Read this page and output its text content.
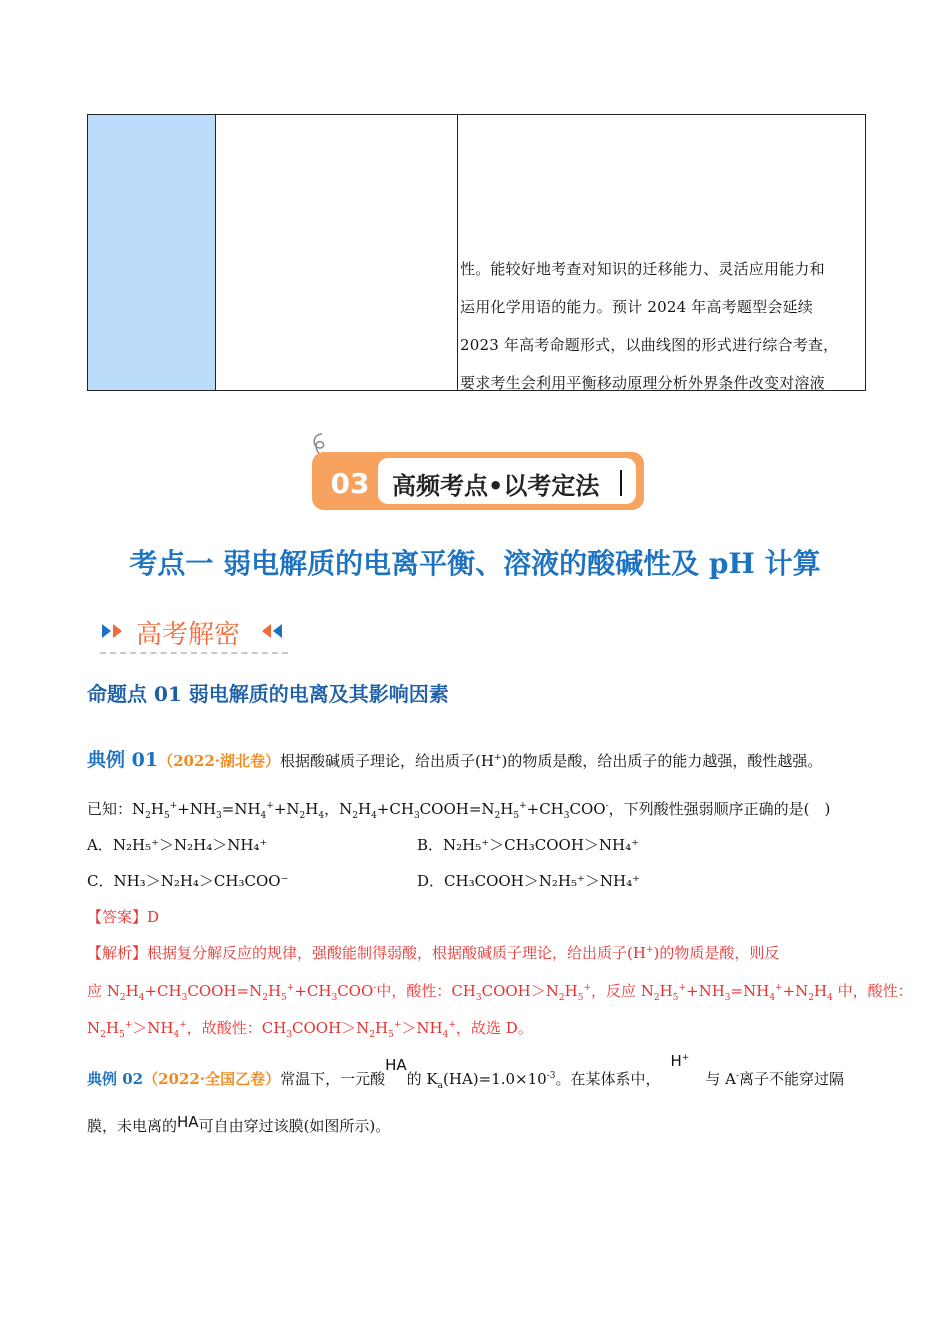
性。能较好地考查对知识的迁移能力、灵活应用能力和
运用化学用语的能力。预计 2024 年高考题型会延续
2023 年高考命题形式，以曲线图的形式进行综合考查，
要求考生会利用平衡移动原理分析外界条件改变对溶液
03 高频考点•以考定法
考点一 弱电解质的电离平衡、溶液的酸碱性及 pH 计算
高考解密
命题点 01 弱电解质的电离及其影响因素
典例 01（2022·湖北卷）根据酸碱质子理论，给出质子(H+)的物质是酸，给出质子的能力越强，酸性越强。
已知：$N_2H_5^++NH_3=NH_4^++N_2H_4$，$N_2H_4+CH_3COOH=N_2H_5^++CH_3COO^-$，下列酸性强弱顺序正确的是(　)
A．N₂H₅⁺＞N₂H₄＞NH₄⁺	B．N₂H₅⁺＞CH₃COOH＞NH₄⁺
C．NH₃＞N₂H₄＞CH₃COO⁻	D．CH₃COOH＞N₂H₅⁺＞NH₄⁺
【答案】D
【解析】根据复分解反应的规律，强酸能制得弱酸，根据酸碱质子理论，给出质子(H+)的物质是酸，则反
应 $N_2H_4+CH_3COOH=N_2H_5^++CH_3COO^-$中，酸性：$CH_3COOH>N_2H_5^+$，反应 $N_2H_5^++NH_3=NH_4^++N_2H_4$ 中，酸性：
$N_2H_5^+>NH_4^+$，故酸性：$CH_3COOH>N_2H_5^+>NH_4^+$，故选 D。
典例 02（2022·全国乙卷）常温下，一元酸HA的 $K_a(HA)=1.0\times 10^{-3}$。在某体系中，H+与 A-离子不能穿过隔
膜，未电离的HA可自由穿过该膜(如图所示)。
